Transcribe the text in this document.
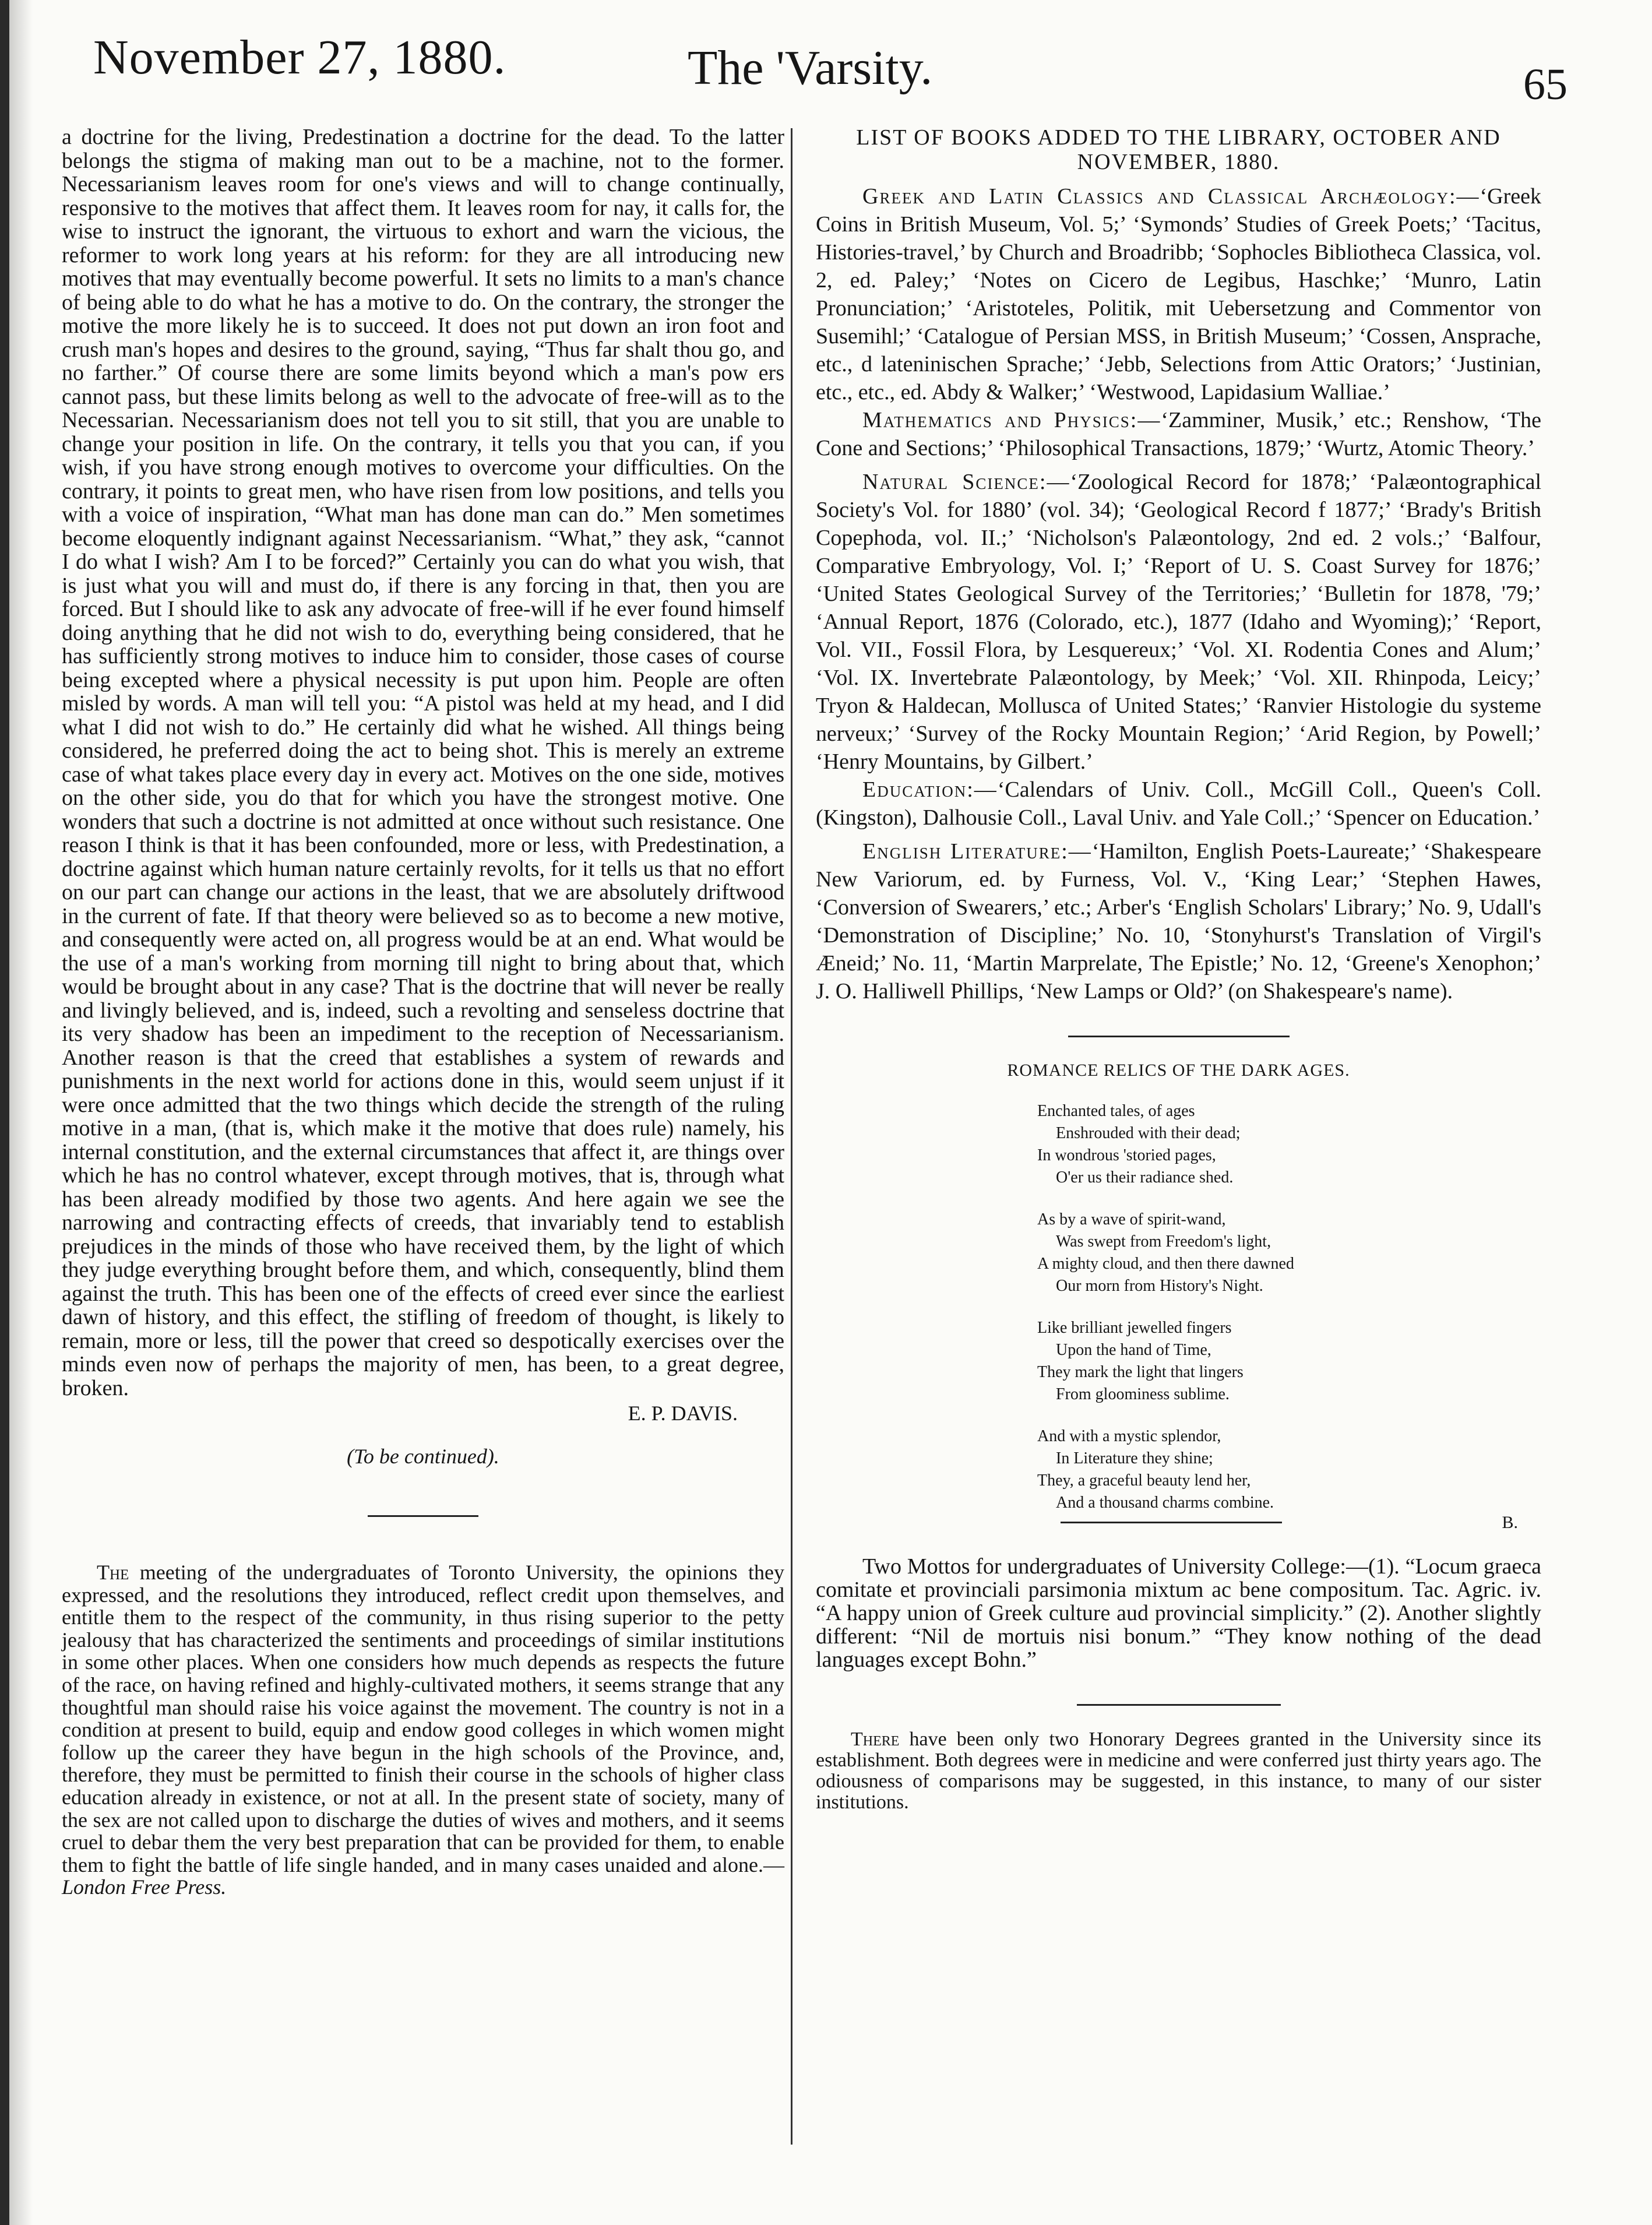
November 27, 1880.	The 'Varsity.	65

a doctrine for the living, Predestination a doctrine for the dead. To the latter belongs the stigma of making man out to be a machine, not to the former. Necessarianism leaves room for one's views and will to change continually, responsive to the motives that affect them. It leaves room for nay, it calls for, the wise to instruct the ignorant, the virtuous to exhort and warn the vicious, the reformer to work long years at his reform: for they are all introducing new motives that may eventually become powerful. It sets no limits to a man's chance of being able to do what he has a motive to do. On the contrary, the stronger the motive the more likely he is to succeed. It does not put down an iron foot and crush man's hopes and desires to the ground, saying, “Thus far shalt thou go, and no farther.” Of course there are some limits beyond which a man's pow ers cannot pass, but these limits belong as well to the advocate of free-will as to the Necessarian. Necessarianism does not tell you to sit still, that you are unable to change your position in life. On the contrary, it tells you that you can, if you wish, if you have strong enough motives to overcome your difficulties. On the contrary, it points to great men, who have risen from low positions, and tells you with a voice of inspiration, “What man has done man can do.” Men sometimes become eloquently indignant against Necessarianism. “What,” they ask, “cannot I do what I wish? Am I to be forced?” Certainly you can do what you wish, that is just what you will and must do, if there is any forcing in that, then you are forced. But I should like to ask any advocate of free-will if he ever found himself doing anything that he did not wish to do, everything being considered, that he has sufficiently strong motives to induce him to consider, those cases of course being excepted where a physical necessity is put upon him. People are often misled by words. A man will tell you: “A pistol was held at my head, and I did what I did not wish to do.” He certainly did what he wished. All things being considered, he preferred doing the act to being shot. This is merely an extreme case of what takes place every day in every act. Motives on the one side, motives on the other side, you do that for which you have the strongest motive. One wonders that such a doctrine is not admitted at once without such resistance. One reason I think is that it has been confounded, more or less, with Predestination, a doctrine against which human nature certainly revolts, for it tells us that no effort on our part can change our actions in the least, that we are absolutely driftwood in the current of fate. If that theory were believed so as to become a new motive, and consequently were acted on, all progress would be at an end. What would be the use of a man's working from morning till night to bring about that, which would be brought about in any case? That is the doctrine that will never be really and livingly believed, and is, indeed, such a revolting and senseless doctrine that its very shadow has been an impediment to the reception of Necessarianism. Another reason is that the creed that establishes a system of rewards and punishments in the next world for actions done in this, would seem unjust if it were once admitted that the two things which decide the strength of the ruling motive in a man, (that is, which make it the motive that does rule) namely, his internal constitution, and the external circumstances that affect it, are things over which he has no control whatever, except through motives, that is, through what has been already modified by those two agents. And here again we see the narrowing and contracting effects of creeds, that invariably tend to establish prejudices in the minds of those who have received them, by the light of which they judge everything brought before them, and which, consequently, blind them against the truth. This has been one of the effects of creed ever since the earliest dawn of history, and this effect, the stifling of freedom of thought, is likely to remain, more or less, till the power that creed so despotically exercises over the minds even now of perhaps the majority of men, has been, to a great degree, broken.

E. P. DAVIS.
(To be continued).

The meeting of the undergraduates of Toronto University, the opinions they expressed, and the resolutions they introduced, reflect credit upon themselves, and entitle them to the respect of the community, in thus rising superior to the petty jealousy that has characterized the sentiments and proceedings of similar institutions in some other places. When one considers how much depends as respects the future of the race, on having refined and highly-cultivated mothers, it seems strange that any thoughtful man should raise his voice against the movement. The country is not in a condition at present to build, equip and endow good colleges in which women might follow up the career they have begun in the high schools of the Province, and, therefore, they must be permitted to finish their course in the schools of higher class education already in existence, or not at all. In the present state of society, many of the sex are not called upon to discharge the duties of wives and mothers, and it seems cruel to debar them the very best preparation that can be provided for them, to enable them to fight the battle of life single handed, and in many cases unaided and alone.—London Free Press.

LIST OF BOOKS ADDED TO THE LIBRARY, OCTOBER AND NOVEMBER, 1880.

Greek and Latin Classics and Classical Archæology:—‘Greek Coins in British Museum, Vol. 5;’ ‘Symonds’ Studies of Greek Poets;’ ‘Tacitus, Histories-travel,’ by Church and Broadribb; ‘Sophocles Bibliotheca Classica, vol. 2, ed. Paley;’ ‘Notes on Cicero de Legibus, Haschke;’ ‘Munro, Latin Pronunciation;’ ‘Aristoteles, Politik, mit Uebersetzung and Commentor von Susemihl;’ ‘Catalogue of Persian MSS, in British Museum;’ ‘Cossen, Ansprache, etc., d lateninischen Sprache;’ ‘Jebb, Selections from Attic Orators;’ ‘Justinian, etc., etc., ed. Abdy & Walker;’ ‘Westwood, Lapidasium Walliae.’

Mathematics and Physics:—‘Zamminer, Musik,’ etc.; Renshow, ‘The Cone and Sections;’ ‘Philosophical Transactions, 1879;’ ‘Wurtz, Atomic Theory.’

Natural Science:—‘Zoological Record for 1878;’ ‘Palæontographical Society's Vol. for 1880’ (vol. 34); ‘Geological Record f 1877;’ ‘Brady's British Copephoda, vol. II.;’ ‘Nicholson's Palæontology, 2nd ed. 2 vols.;’ ‘Balfour, Comparative Embryology, Vol. I;’ ‘Report of U. S. Coast Survey for 1876;’ ‘United States Geological Survey of the Territories;’ ‘Bulletin for 1878, '79;’ ‘Annual Report, 1876 (Colorado, etc.), 1877 (Idaho and Wyoming);’ ‘Report, Vol. VII., Fossil Flora, by Lesquereux;’ ‘Vol. XI. Rodentia Cones and Alum;’ ‘Vol. IX. Invertebrate Palæontology, by Meek;’ ‘Vol. XII. Rhinpoda, Leicy;’ Tryon & Haldecan, Mollusca of United States;’ ‘Ranvier Histologie du systeme nerveux;’ ‘Survey of the Rocky Mountain Region;’ ‘Arid Region, by Powell;’ ‘Henry Mountains, by Gilbert.’

Education:—‘Calendars of Univ. Coll., McGill Coll., Queen's Coll. (Kingston), Dalhousie Coll., Laval Univ. and Yale Coll.;’ ‘Spencer on Education.’

English Literature:—‘Hamilton, English Poets-Laureate;’ ‘Shakespeare New Variorum, ed. by Furness, Vol. V., ‘King Lear;’ ‘Stephen Hawes, ‘Conversion of Swearers,’ etc.; Arber's ‘English Scholars' Library;’ No. 9, Udall's ‘Demonstration of Discipline;’ No. 10, ‘Stonyhurst's Translation of Virgil's Æneid;’ No. 11, ‘Martin Marprelate, The Epistle;’ No. 12, ‘Greene's Xenophon;’ J. O. Halliwell Phillips, ‘New Lamps or Old?’ (on Shakespeare's name).

ROMANCE RELICS OF THE DARK AGES.
Enchanted tales, of ages
Enshrouded with their dead;
In wondrous 'storied pages,
O'er us their radiance shed.
As by a wave of spirit-wand,
Was swept from Freedom's light,
A mighty cloud, and then there dawned
Our morn from History's Night.
Like brilliant jewelled fingers
Upon the hand of Time,
They mark the light that lingers
From gloominess sublime.
And with a mystic splendor,
In Literature they shine;
They, a graceful beauty lend her,
And a thousand charms combine.
B.

Two Mottos for undergraduates of University College:—(1). “Locum graeca comitate et provinciali parsimonia mixtum ac bene compositum. Tac. Agric. iv. “A happy union of Greek culture aud provincial simplicity.” (2). Another slightly different: “Nil de mortuis nisi bonum.” “They know nothing of the dead languages except Bohn.”

There have been only two Honorary Degrees granted in the University since its establishment. Both degrees were in medicine and were conferred just thirty years ago. The odiousness of comparisons may be suggested, in this instance, to many of our sister institutions.
